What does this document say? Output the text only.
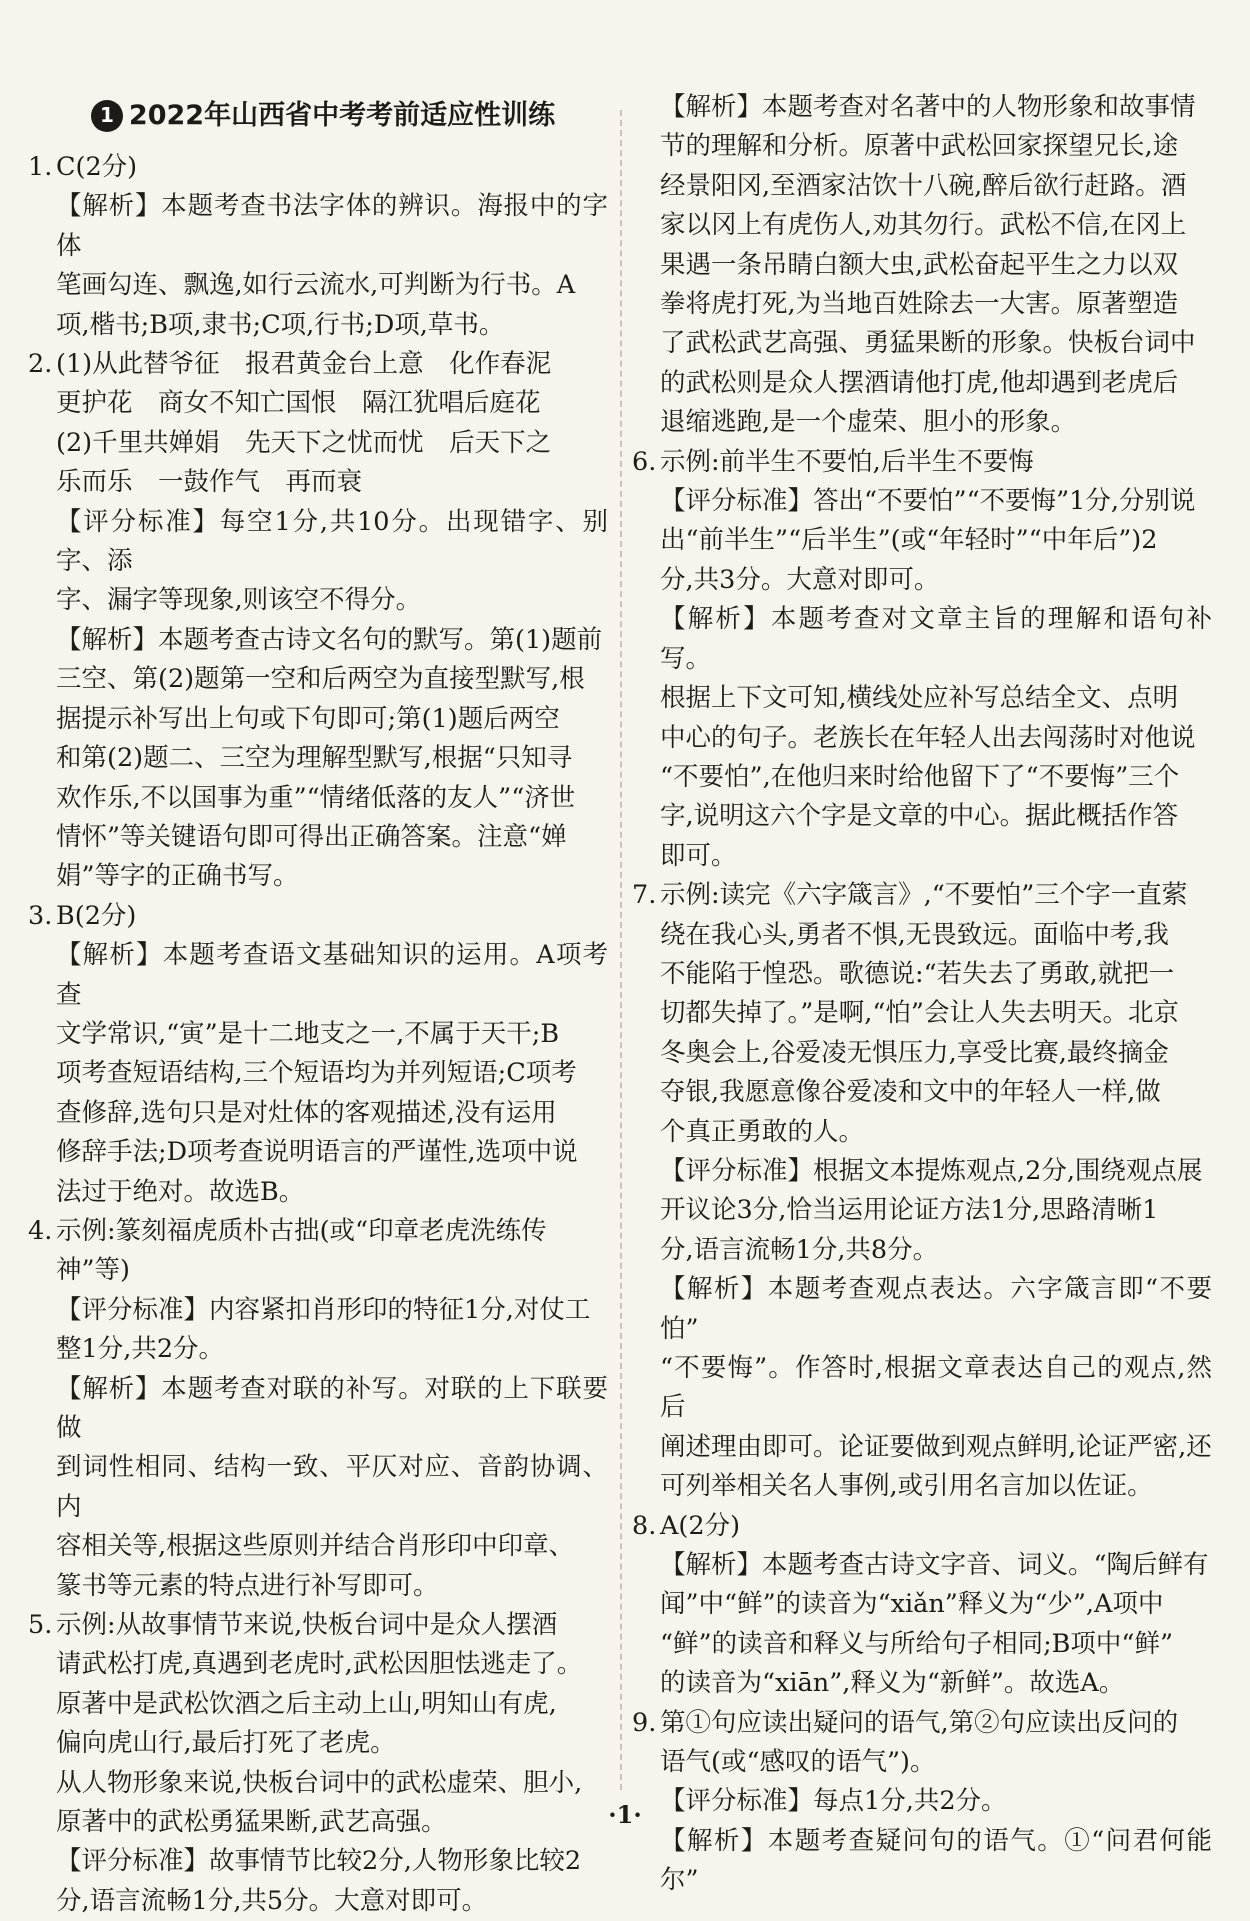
1 2022年山西省中考考前适应性训练
1. C(2分)
【解析】本题考查书法字体的辨识。海报中的字体
笔画勾连、飘逸,如行云流水,可判断为行书。A
项,楷书;B项,隶书;C项,行书;D项,草书。
2. (1)从此替爷征　报君黄金台上意　化作春泥
更护花　商女不知亡国恨　隔江犹唱后庭花
(2)千里共婵娟　先天下之忧而忧　后天下之
乐而乐　一鼓作气　再而衰
【评分标准】每空1分,共10分。出现错字、别字、添
字、漏字等现象,则该空不得分。
【解析】本题考查古诗文名句的默写。第(1)题前
三空、第(2)题第一空和后两空为直接型默写,根
据提示补写出上句或下句即可;第(1)题后两空
和第(2)题二、三空为理解型默写,根据“只知寻
欢作乐,不以国事为重”“情绪低落的友人”“济世
情怀”等关键语句即可得出正确答案。注意“婵
娟”等字的正确书写。
3. B(2分)
【解析】本题考查语文基础知识的运用。A项考查
文学常识,“寅”是十二地支之一,不属于天干;B
项考查短语结构,三个短语均为并列短语;C项考
查修辞,选句只是对灶体的客观描述,没有运用
修辞手法;D项考查说明语言的严谨性,选项中说
法过于绝对。故选B。
4. 示例:篆刻福虎质朴古拙(或“印章老虎洗练传
神”等)
【评分标准】内容紧扣肖形印的特征1分,对仗工
整1分,共2分。
【解析】本题考查对联的补写。对联的上下联要做
到词性相同、结构一致、平仄对应、音韵协调、内
容相关等,根据这些原则并结合肖形印中印章、
篆书等元素的特点进行补写即可。
5. 示例:从故事情节来说,快板台词中是众人摆酒
请武松打虎,真遇到老虎时,武松因胆怯逃走了。
原著中是武松饮酒之后主动上山,明知山有虎,
偏向虎山行,最后打死了老虎。
从人物形象来说,快板台词中的武松虚荣、胆小,
原著中的武松勇猛果断,武艺高强。
【评分标准】故事情节比较2分,人物形象比较2
分,语言流畅1分,共5分。大意对即可。
【解析】本题考查对名著中的人物形象和故事情
节的理解和分析。原著中武松回家探望兄长,途
经景阳冈,至酒家沽饮十八碗,醉后欲行赶路。酒
家以冈上有虎伤人,劝其勿行。武松不信,在冈上
果遇一条吊睛白额大虫,武松奋起平生之力以双
拳将虎打死,为当地百姓除去一大害。原著塑造
了武松武艺高强、勇猛果断的形象。快板台词中
的武松则是众人摆酒请他打虎,他却遇到老虎后
退缩逃跑,是一个虚荣、胆小的形象。
6. 示例:前半生不要怕,后半生不要悔
【评分标准】答出“不要怕”“不要悔”1分,分别说
出“前半生”“后半生”(或“年轻时”“中年后”)2
分,共3分。大意对即可。
【解析】本题考查对文章主旨的理解和语句补写。
根据上下文可知,横线处应补写总结全文、点明
中心的句子。老族长在年轻人出去闯荡时对他说
“不要怕”,在他归来时给他留下了“不要悔”三个
字,说明这六个字是文章的中心。据此概括作答
即可。
7. 示例:读完《六字箴言》,“不要怕”三个字一直萦
绕在我心头,勇者不惧,无畏致远。面临中考,我
不能陷于惶恐。歌德说:“若失去了勇敢,就把一
切都失掉了。”是啊,“怕”会让人失去明天。北京
冬奥会上,谷爱凌无惧压力,享受比赛,最终摘金
夺银,我愿意像谷爱凌和文中的年轻人一样,做
个真正勇敢的人。
【评分标准】根据文本提炼观点,2分,围绕观点展
开议论3分,恰当运用论证方法1分,思路清晰1
分,语言流畅1分,共8分。
【解析】本题考查观点表达。六字箴言即“不要怕”
“不要悔”。作答时,根据文章表达自己的观点,然后
阐述理由即可。论证要做到观点鲜明,论证严密,还
可列举相关名人事例,或引用名言加以佐证。
8. A(2分)
【解析】本题考查古诗文字音、词义。“陶后鲜有
闻”中“鲜”的读音为“xiǎn”释义为“少”,A项中
“鲜”的读音和释义与所给句子相同;B项中“鲜”
的读音为“xiān”,释义为“新鲜”。故选A。
9. 第①句应读出疑问的语气,第②句应读出反问的
语气(或“感叹的语气”)。
【评分标准】每点1分,共2分。
【解析】本题考查疑问句的语气。①“问君何能尔”
·1·
